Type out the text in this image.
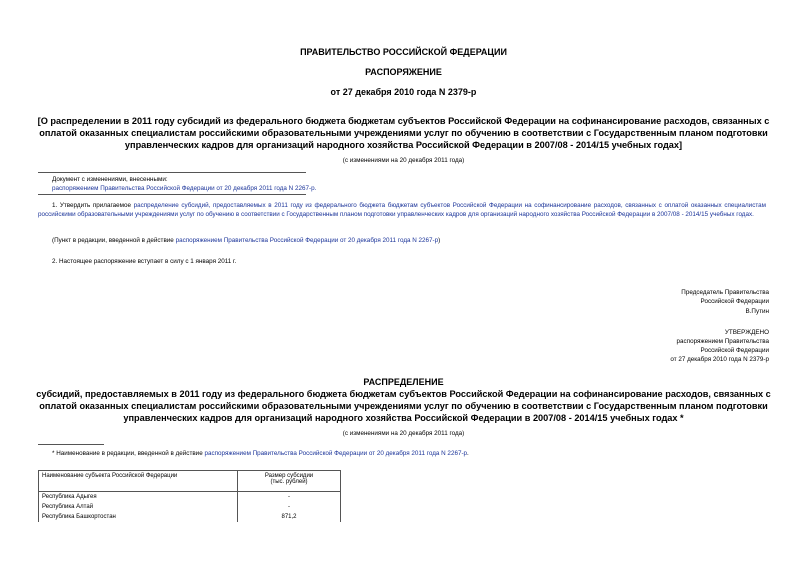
ПРАВИТЕЛЬСТВО РОССИЙСКОЙ ФЕДЕРАЦИИ
РАСПОРЯЖЕНИЕ
от 27 декабря 2010 года N 2379-р
[О распределении в 2011 году субсидий из федерального бюджета бюджетам субъектов Российской Федерации на софинансирование расходов, связанных с
оплатой оказанных специалистам российскими образовательными учреждениями услуг по обучению в соответствии с Государственным планом подготовки
управленческих кадров для организаций народного хозяйства Российской Федерации в 2007/08 - 2014/15 учебных годах]
(с изменениями на 20 декабря 2011 года)
Документ с изменениями, внесенными:
распоряжением Правительства Российской Федерации от 20 декабря 2011 года N 2267-р.
1. Утвердить прилагаемое распределение субсидий, предоставляемых в 2011 году из федерального бюджета бюджетам субъектов Российской Федерации на софинансирование расходов, связанных с оплатой оказанных специалистам российскими образовательными учреждениями услуг по обучению в соответствии с Государственным планом подготовки управленческих кадров для организаций народного хозяйства Российской Федерации в 2007/08 - 2014/15 учебных годах.
(Пункт в редакции, введенной в действие распоряжением Правительства Российской Федерации от 20 декабря 2011 года N 2267-р)
2. Настоящее распоряжение вступает в силу с 1 января 2011 г.
Председатель Правительства
Российской Федерации
В.Путин
УТВЕРЖДЕНО
распоряжением Правительства
Российской Федерации
от 27 декабря 2010 года N 2379-р
РАСПРЕДЕЛЕНИЕ
субсидий, предоставляемых в 2011 году из федерального бюджета бюджетам субъектов Российской Федерации на софинансирование расходов, связанных с
оплатой оказанных специалистам российскими образовательными учреждениями услуг по обучению в соответствии с Государственным планом подготовки
управленческих кадров для организаций народного хозяйства Российской Федерации в 2007/08 - 2014/15 учебных годах *
(с изменениями на 20 декабря 2011 года)
* Наименование в редакции, введенной в действие распоряжением Правительства Российской Федерации от 20 декабря 2011 года N 2267-р.
Наименование субъекта Российской Федерации	Размер субсидии
(тыс. рублей)

Республика Адыгея	-
Республика Алтай	-
Республика Башкортостан	871,2
